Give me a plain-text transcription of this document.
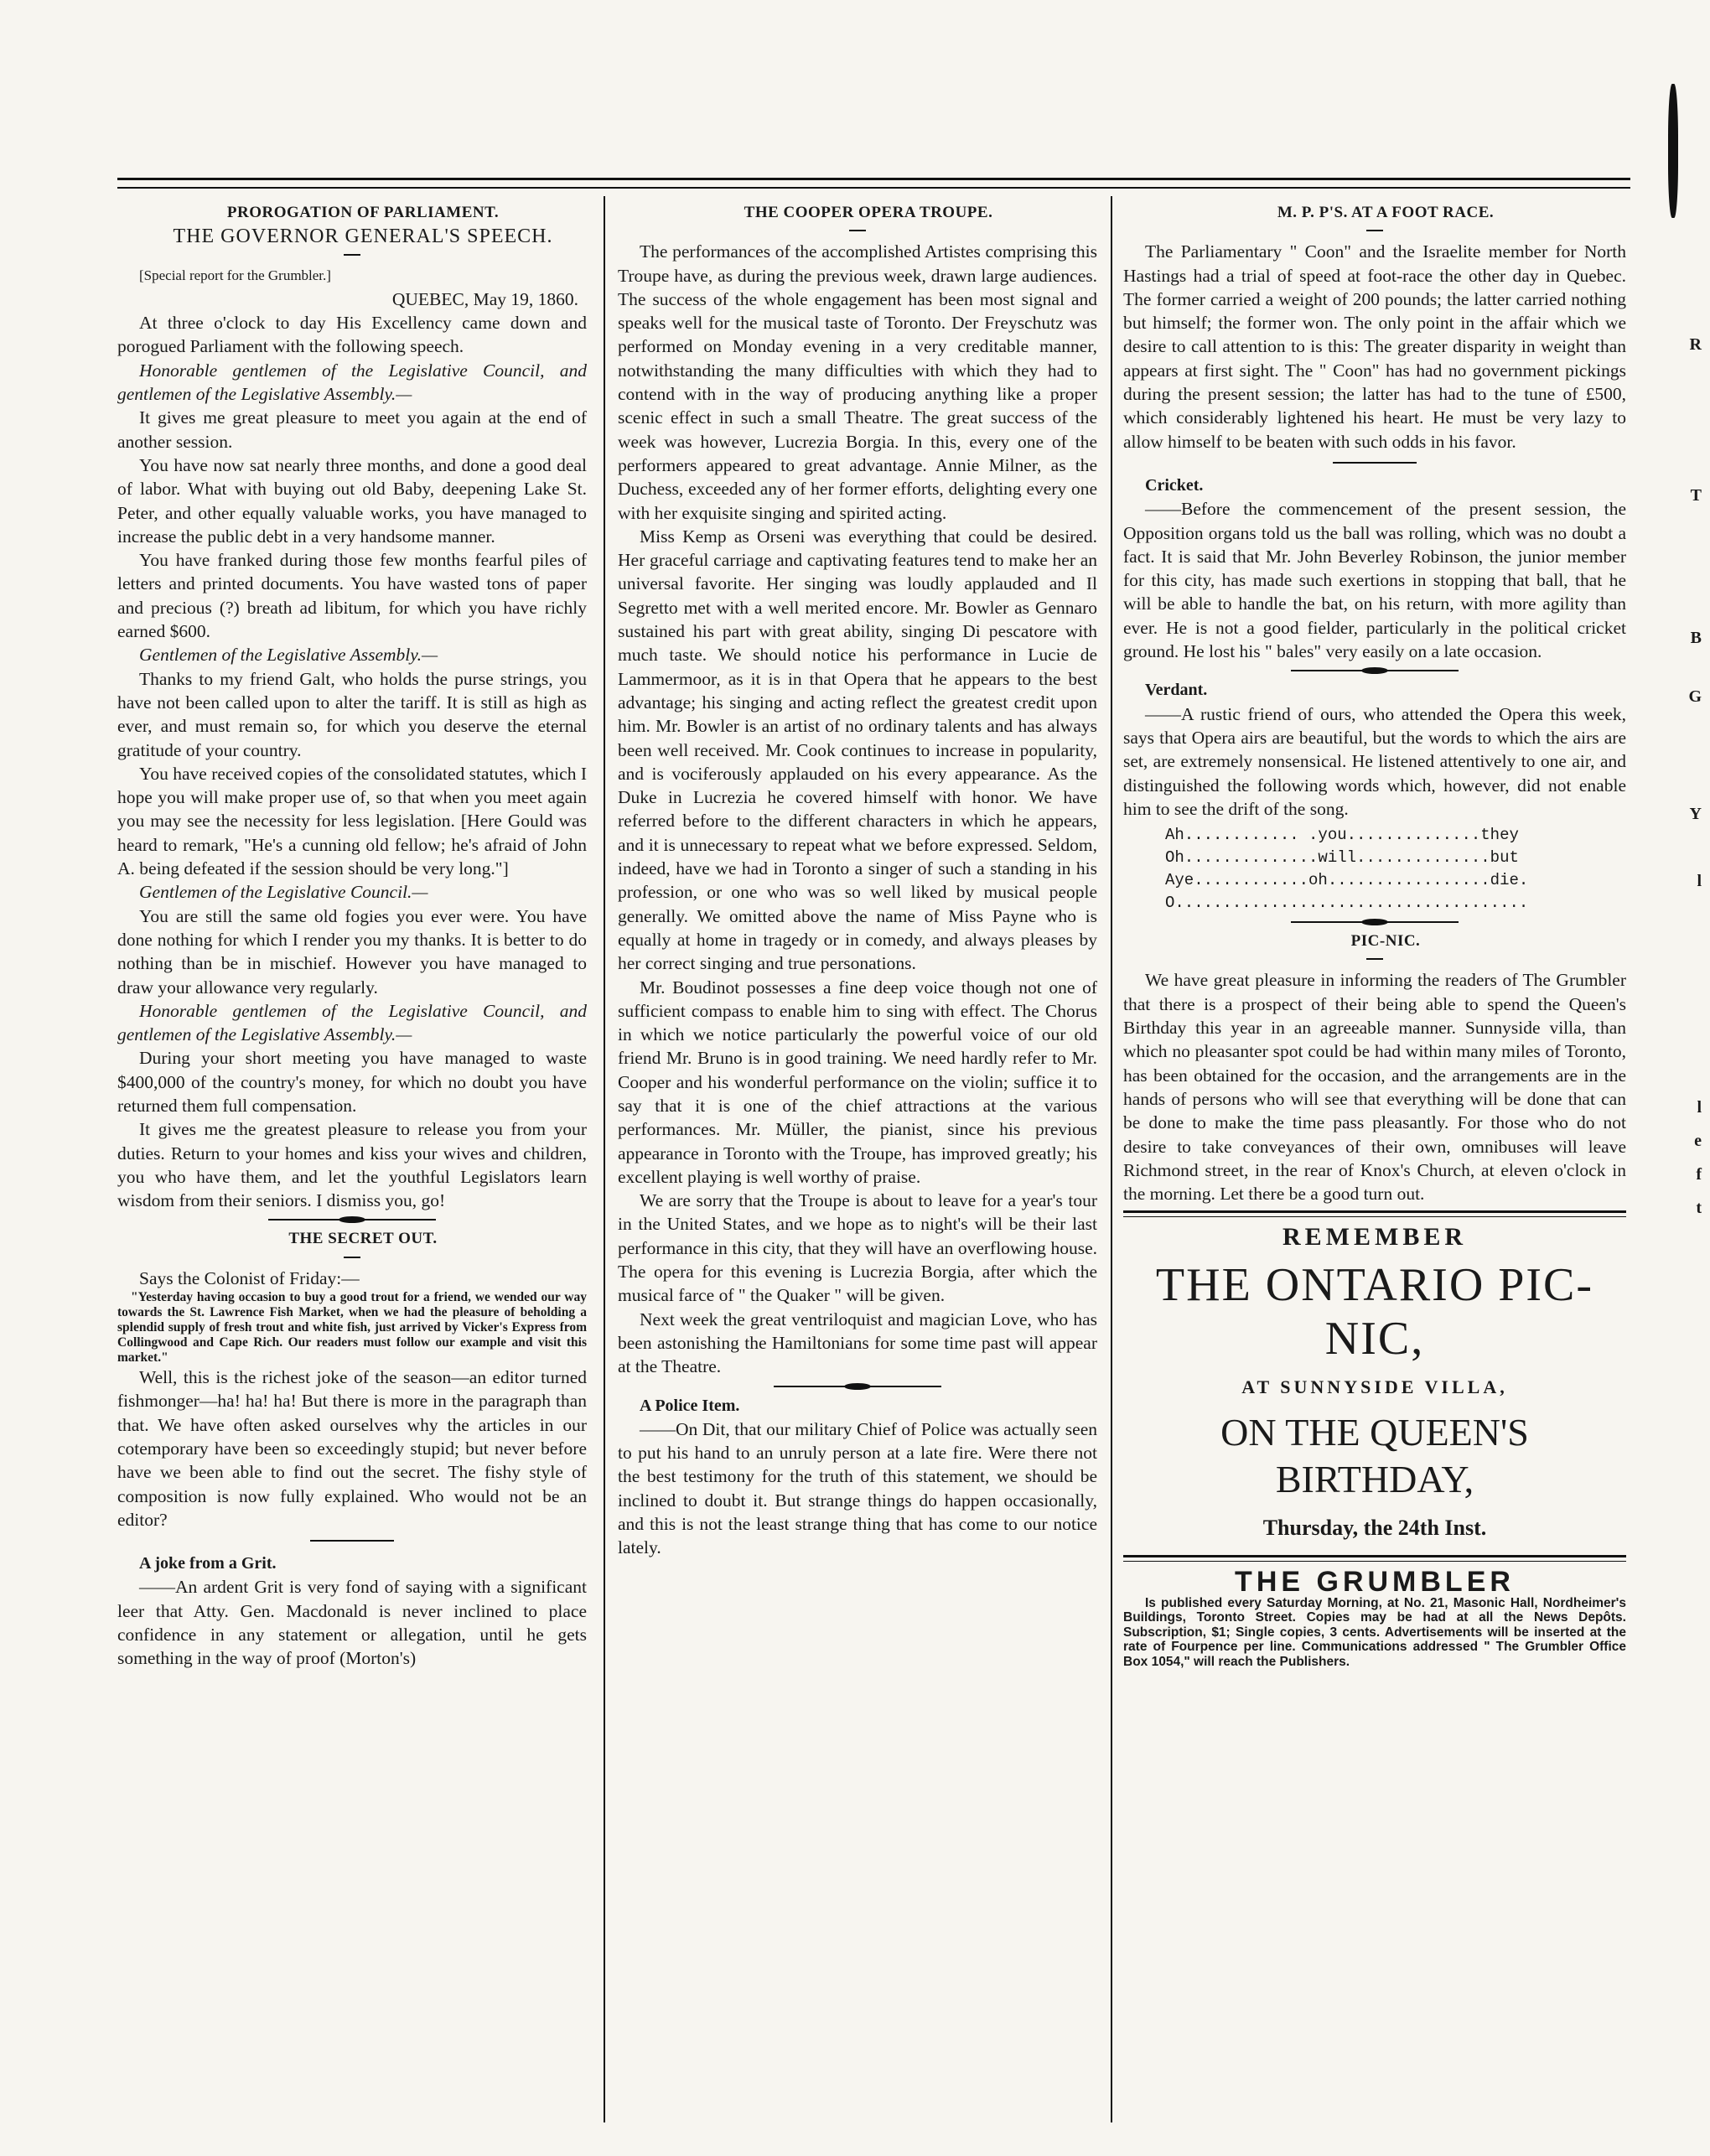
PROROGATION OF PARLIAMENT.

THE GOVERNOR GENERAL'S SPEECH.

[Special report for the Grumbler.]

QUEBEC, May 19, 1860.

At three o'clock to day His Excellency came down and porogued Parliament with the following speech.

Honorable gentlemen of the Legislative Council, and gentlemen of the Legislative Assembly.—

It gives me great pleasure to meet you again at the end of another session.

You have now sat nearly three months, and done a good deal of labor. What with buying out old Baby, deepening Lake St. Peter, and other equally valuable works, you have managed to increase the public debt in a very handsome manner.

You have franked during those few months fearful piles of letters and printed documents. You have wasted tons of paper and precious (?) breath ad libitum, for which you have richly earned $600.

Gentlemen of the Legislative Assembly.—

Thanks to my friend Galt, who holds the purse strings, you have not been called upon to alter the tariff. It is still as high as ever, and must remain so, for which you deserve the eternal gratitude of your country.

You have received copies of the consolidated statutes, which I hope you will make proper use of, so that when you meet again you may see the necessity for less legislation. [Here Gould was heard to remark, "He's a cunning old fellow; he's afraid of John A. being defeated if the session should be very long."]

Gentlemen of the Legislative Council.—

You are still the same old fogies you ever were. You have done nothing for which I render you my thanks. It is better to do nothing than be in mischief. However you have managed to draw your allowance very regularly.

Honorable gentlemen of the Legislative Council, and gentlemen of the Legislative Assembly.—

During your short meeting you have managed to waste $400,000 of the country's money, for which no doubt you have returned them full compensation.

It gives me the greatest pleasure to release you from your duties. Return to your homes and kiss your wives and children, you who have them, and let the youthful Legislators learn wisdom from their seniors. I dismiss you, go!

THE SECRET OUT.

Says the Colonist of Friday:—

"Yesterday having occasion to buy a good trout for a friend, we wended our way towards the St. Lawrence Fish Market, when we had the pleasure of beholding a splendid supply of fresh trout and white fish, just arrived by Vicker's Express from Collingwood and Cape Rich. Our readers must follow our example and visit this market."

Well, this is the richest joke of the season—an editor turned fishmonger—ha! ha! ha! But there is more in the paragraph than that. We have often asked ourselves why the articles in our cotemporary have been so exceedingly stupid; but never before have we been able to find out the secret. The fishy style of composition is now fully explained. Who would not be an editor?

A joke from a Grit.

——An ardent Grit is very fond of saying with a significant leer that Atty. Gen. Macdonald is never inclined to place confidence in any statement or allegation, until he gets something in the way of proof (Morton's)

THE COOPER OPERA TROUPE.

The performances of the accomplished Artistes comprising this Troupe have, as during the previous week, drawn large audiences. The success of the whole engagement has been most signal and speaks well for the musical taste of Toronto. Der Freyschutz was performed on Monday evening in a very creditable manner, notwithstanding the many difficulties with which they had to contend with in the way of producing anything like a proper scenic effect in such a small Theatre. The great success of the week was however, Lucrezia Borgia. In this, every one of the performers appeared to great advantage. Annie Milner, as the Duchess, exceeded any of her former efforts, delighting every one with her exquisite singing and spirited acting.

Miss Kemp as Orseni was everything that could be desired. Her graceful carriage and captivating features tend to make her an universal favorite. Her singing was loudly applauded and Il Segretto met with a well merited encore. Mr. Bowler as Gennaro sustained his part with great ability, singing Di pescatore with much taste. We should notice his performance in Lucie de Lammermoor, as it is in that Opera that he appears to the best advantage; his singing and acting reflect the greatest credit upon him. Mr. Bowler is an artist of no ordinary talents and has always been well received. Mr. Cook continues to increase in popularity, and is vociferously applauded on his every appearance. As the Duke in Lucrezia he covered himself with honor. We have referred before to the different characters in which he appears, and it is unnecessary to repeat what we before expressed. Seldom, indeed, have we had in Toronto a singer of such a standing in his profession, or one who was so well liked by musical people generally. We omitted above the name of Miss Payne who is equally at home in tragedy or in comedy, and always pleases by her correct singing and true personations.

Mr. Boudinot possesses a fine deep voice though not one of sufficient compass to enable him to sing with effect. The Chorus in which we notice particularly the powerful voice of our old friend Mr. Bruno is in good training. We need hardly refer to Mr. Cooper and his wonderful performance on the violin; suffice it to say that it is one of the chief attractions at the various performances. Mr. Müller, the pianist, since his previous appearance in Toronto with the Troupe, has improved greatly; his excellent playing is well worthy of praise.

We are sorry that the Troupe is about to leave for a year's tour in the United States, and we hope as to night's will be their last performance in this city, that they will have an overflowing house. The opera for this evening is Lucrezia Borgia, after which the musical farce of " the Quaker " will be given.

Next week the great ventriloquist and magician Love, who has been astonishing the Hamiltonians for some time past will appear at the Theatre.

A Police Item.

——On Dit, that our military Chief of Police was actually seen to put his hand to an unruly person at a late fire. Were there not the best testimony for the truth of this statement, we should be inclined to doubt it. But strange things do happen occasionally, and this is not the least strange thing that has come to our notice lately.

M. P. P'S. AT A FOOT RACE.

The Parliamentary " Coon" and the Israelite member for North Hastings had a trial of speed at foot-race the other day in Quebec. The former carried a weight of 200 pounds; the latter carried nothing but himself; the former won. The only point in the affair which we desire to call attention to is this: The greater disparity in weight than appears at first sight. The " Coon" has had no government pickings during the present session; the latter has had to the tune of £500, which considerably lightened his heart. He must be very lazy to allow himself to be beaten with such odds in his favor.

Cricket.

——Before the commencement of the present session, the Opposition organs told us the ball was rolling, which was no doubt a fact. It is said that Mr. John Beverley Robinson, the junior member for this city, has made such exertions in stopping that ball, that he will be able to handle the bat, on his return, with more agility than ever. He is not a good fielder, particularly in the political cricket ground. He lost his " bales" very easily on a late occasion.

Verdant.

——A rustic friend of ours, who attended the Opera this week, says that Opera airs are beautiful, but the words to which the airs are set, are extremely nonsensical. He listened attentively to one air, and distinguished the following words which, however, did not enable him to see the drift of the song.

Ah............ .you..............they
Oh..............will..............but
Aye............oh.................die.
O.....................................

PIC-NIC.

We have great pleasure in informing the readers of The Grumbler that there is a prospect of their being able to spend the Queen's Birthday this year in an agreeable manner. Sunnyside villa, than which no pleasanter spot could be had within many miles of Toronto, has been obtained for the occasion, and the arrangements are in the hands of persons who will see that everything will be done that can be done to make the time pass pleasantly. For those who do not desire to take conveyances of their own, omnibuses will leave Richmond street, in the rear of Knox's Church, at eleven o'clock in the morning. Let there be a good turn out.

REMEMBER
THE ONTARIO PIC-NIC,
AT SUNNYSIDE VILLA,
ON THE QUEEN'S BIRTHDAY,
Thursday, the 24th Inst.
THE GRUMBLER

Is published every Saturday Morning, at No. 21, Masonic Hall, Nordheimer's Buildings, Toronto Street. Copies may be had at all the News Depôts. Subscription, $1; Single copies, 3 cents. Advertisements will be inserted at the rate of Fourpence per line. Communications addressed " The Grumbler Office Box 1054," will reach the Publishers.

R
T
B
G
Y
l
l
e
f
t
